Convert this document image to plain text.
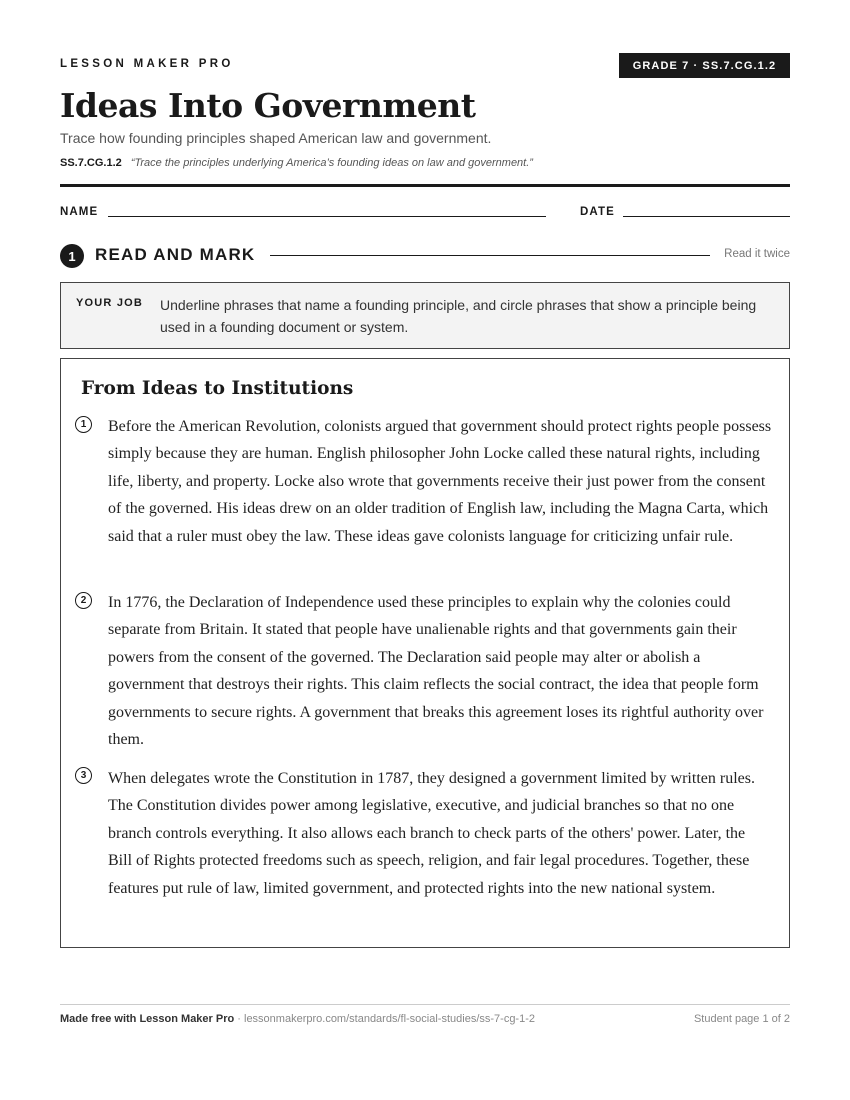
LESSON MAKER PRO	GRADE 7 · SS.7.CG.1.2
Ideas Into Government
Trace how founding principles shaped American law and government.
SS.7.CG.1.2 “Trace the principles underlying America’s founding ideas on law and government.”
NAME	DATE
1	READ AND MARK	Read it twice
YOUR JOB Underline phrases that name a founding principle, and circle phrases that show a principle being used in a founding document or system.
From Ideas to Institutions
1	Before the American Revolution, colonists argued that government should protect rights people possess simply because they are human. English philosopher John Locke called these natural rights, including life, liberty, and property. Locke also wrote that governments receive their just power from the consent of the governed. His ideas drew on an older tradition of English law, including the Magna Carta, which said that a ruler must obey the law. These ideas gave colonists language for criticizing unfair rule.
2	In 1776, the Declaration of Independence used these principles to explain why the colonies could separate from Britain. It stated that people have unalienable rights and that governments gain their powers from the consent of the governed. The Declaration said people may alter or abolish a government that destroys their rights. This claim reflects the social contract, the idea that people form governments to secure rights. A government that breaks this agreement loses its rightful authority over them.
3	When delegates wrote the Constitution in 1787, they designed a government limited by written rules. The Constitution divides power among legislative, executive, and judicial branches so that no one branch controls everything. It also allows each branch to check parts of the others' power. Later, the Bill of Rights protected freedoms such as speech, religion, and fair legal procedures. Together, these features put rule of law, limited government, and protected rights into the new national system.
Made free with Lesson Maker Pro · lessonmakerpro.com/standards/fl-social-studies/ss-7-cg-1-2	Student page 1 of 2
